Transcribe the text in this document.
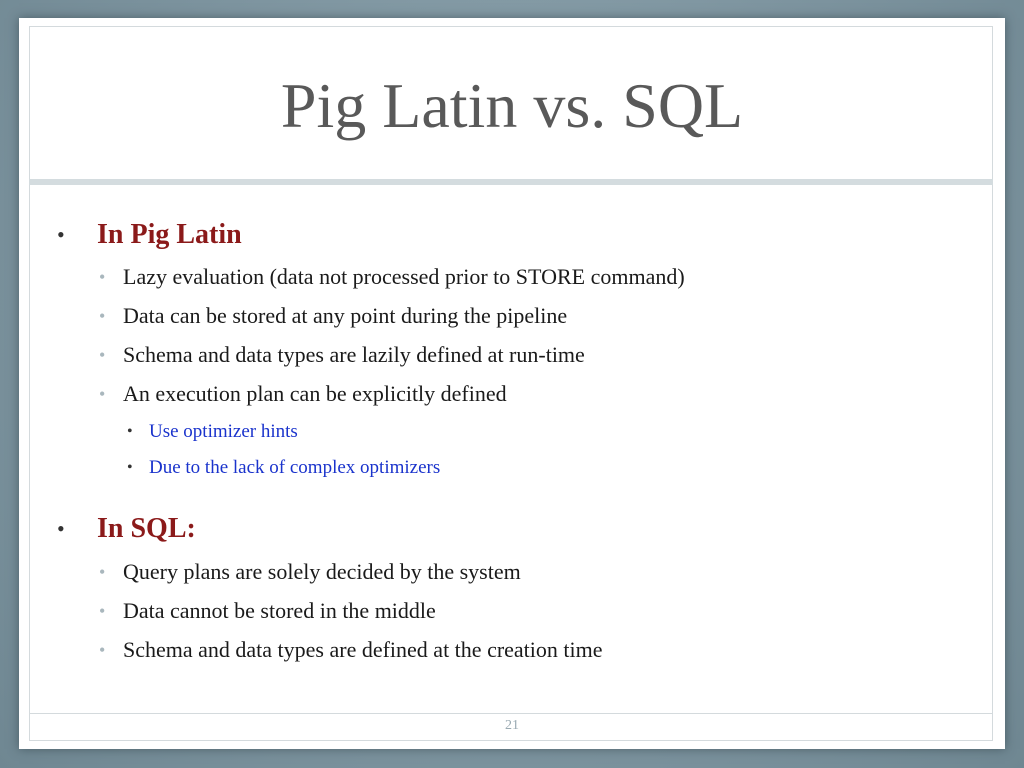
Pig Latin vs. SQL
• In Pig Latin
• Lazy evaluation (data not processed prior to STORE command)
• Data can be stored at any point during the pipeline
• Schema and data types are lazily defined at run-time
• An execution plan can be explicitly defined
• Use optimizer hints
• Due to the lack of complex optimizers
• In SQL:
• Query plans are solely decided by the system
• Data cannot be stored in the middle
• Schema and data types are defined at the creation time
21
